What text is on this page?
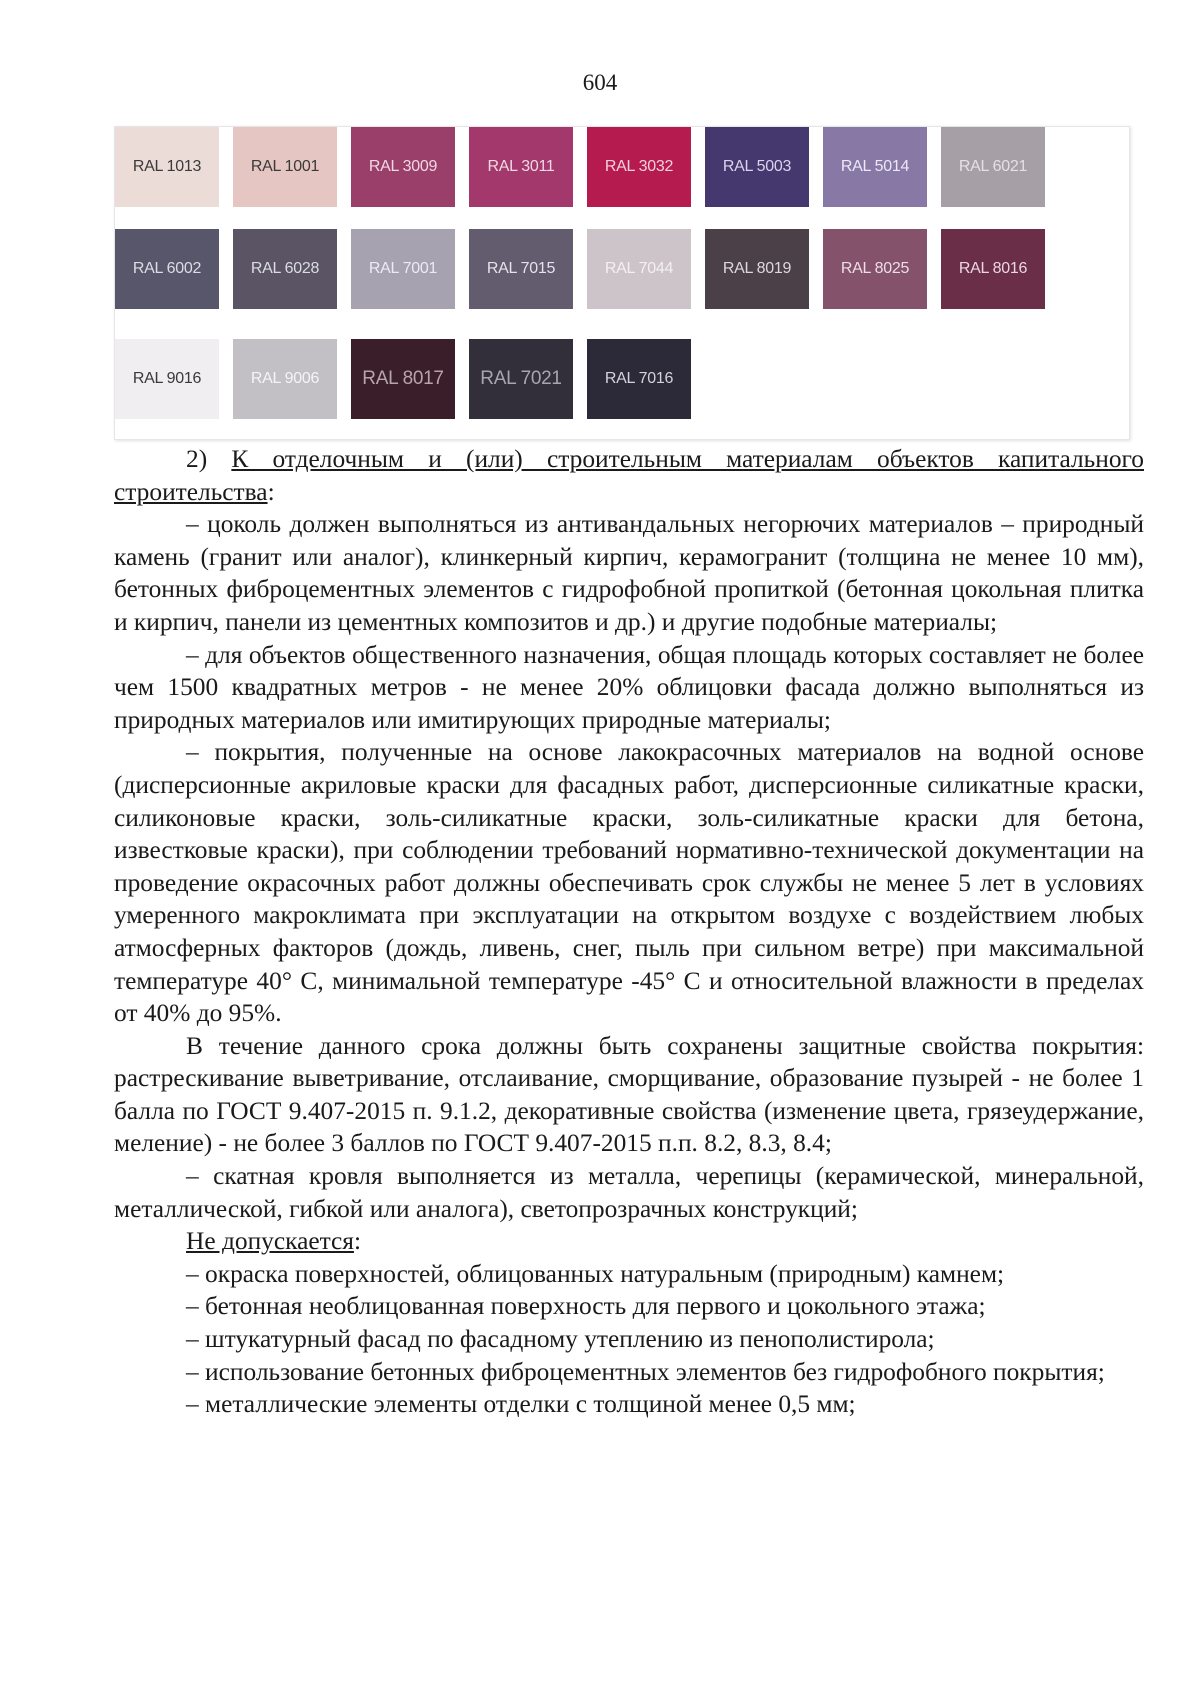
604
RAL 1013	RAL 1001	RAL 3009	RAL 3011	RAL 3032	RAL 5003	RAL 5014	RAL 6021
RAL 6002	RAL 6028	RAL 7001	RAL 7015	RAL 7044	RAL 8019	RAL 8025	RAL 8016
RAL 9016	RAL 9006 RAL 8017 RAL 7021	RAL 7016

2) К отделочным и (или) строительным материалам объектов капитального строительства:

– цоколь должен выполняться из антивандальных негорючих материалов – природный камень (гранит или аналог), клинкерный кирпич, керамогранит (толщина не менее 10 мм), бетонных фиброцементных элементов с гидрофобной пропиткой (бетонная цокольная плитка и кирпич, панели из цементных композитов и др.) и другие подобные материалы;

– для объектов общественного назначения, общая площадь которых составляет не более чем 1500 квадратных метров - не менее 20% облицовки фасада должно выполняться из природных материалов или имитирующих природные материалы;

– покрытия, полученные на основе лакокрасочных материалов на водной основе (дисперсионные акриловые краски для фасадных работ, дисперсионные силикатные краски, силиконовые краски, золь-силикатные краски, золь-силикатные краски для бетона, известковые краски), при соблюдении требований нормативно-технической документации на проведение окрасочных работ должны обеспечивать срок службы не менее 5 лет в условиях умеренного макроклимата при эксплуатации на открытом воздухе с воздействием любых атмосферных факторов (дождь, ливень, снег, пыль при сильном ветре) при максимальной температуре 40° С, минимальной температуре -45° С и относительной влажности в пределах от 40% до 95%.

В течение данного срока должны быть сохранены защитные свойства покрытия: растрескивание выветривание, отслаивание, сморщивание, образование пузырей - не более 1 балла по ГОСТ 9.407-2015 п. 9.1.2, декоративные свойства (изменение цвета, грязеудержание, меление) - не более 3 баллов по ГОСТ 9.407-2015 п.п. 8.2, 8.3, 8.4;

– скатная кровля выполняется из металла, черепицы (керамической, минеральной, металлической, гибкой или аналога), светопрозрачных конструкций;

Не допускается:

– окраска поверхностей, облицованных натуральным (природным) камнем;

– бетонная необлицованная поверхность для первого и цокольного этажа;

– штукатурный фасад по фасадному утеплению из пенополистирола;

– использование бетонных фиброцементных элементов без гидрофобного покрытия;

– металлические элементы отделки с толщиной менее 0,5 мм;
